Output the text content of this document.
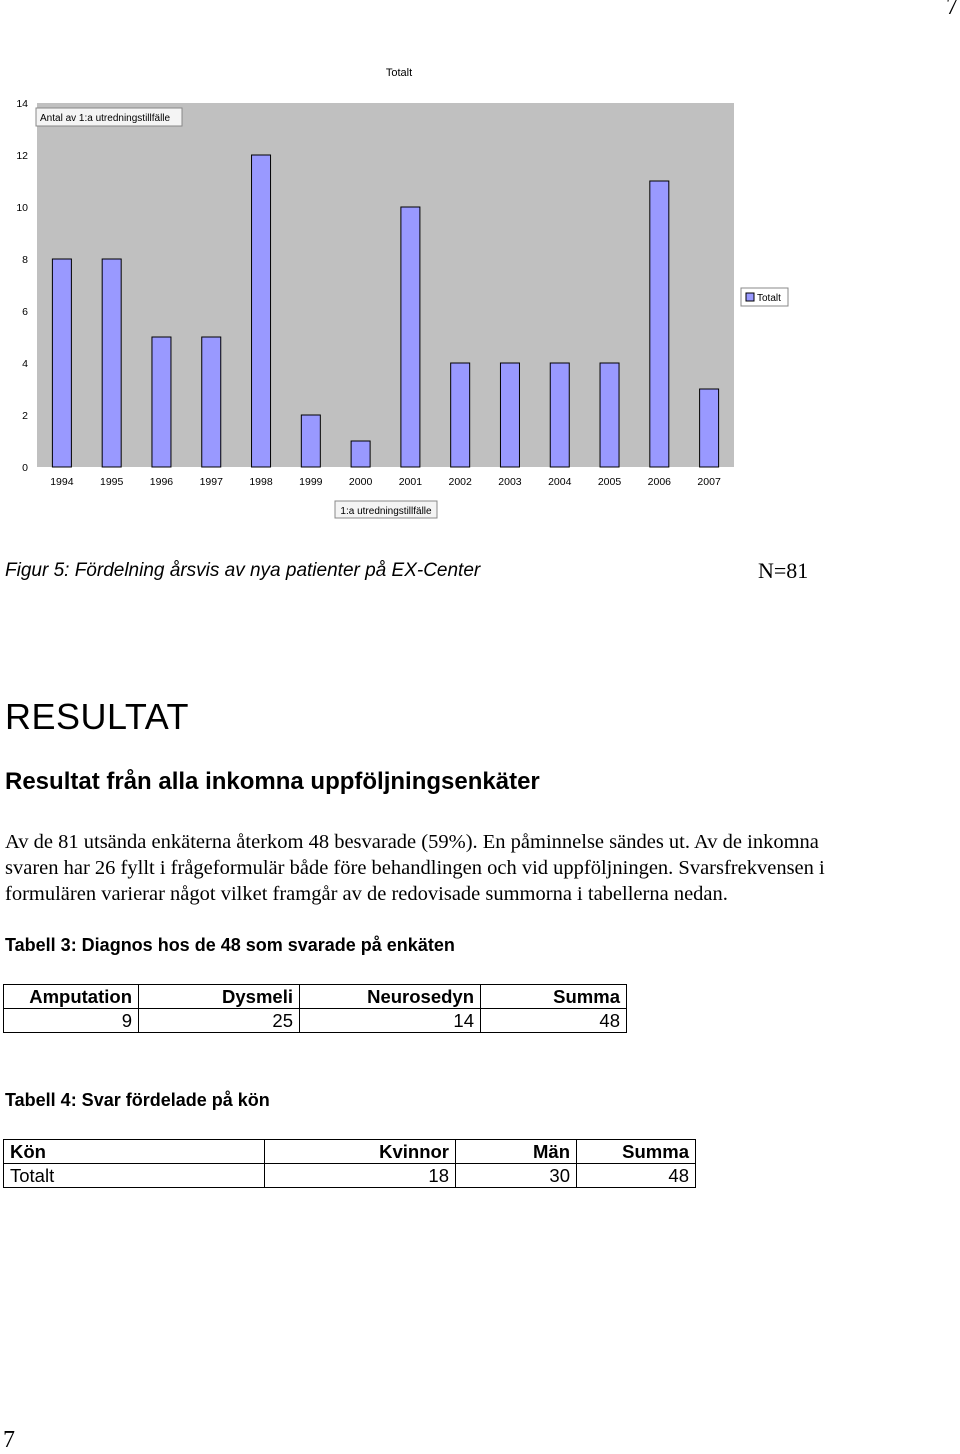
7
Totalt
Antal av 1:a utredningstillfälle
0
2
4
6
8
10
12
14
1994	1995	1996	1997	1998	1999	2000	2001	2002	2003	2004	2005	2006	2007
1:a utredningstillfälle
Totalt
Figur 5: Fördelning årsvis av nya patienter på EX-Center	N=81
RESULTAT
Resultat från alla inkomna uppföljningsenkäter
Av de 81 utsända enkäterna återkom 48 besvarade (59%). En påminnelse sändes ut. Av de inkomna
svaren har 26 fyllt i frågeformulär både före behandlingen och vid uppföljningen. Svarsfrekvensen i
formulären varierar något vilket framgår av de redovisade summorna i tabellerna nedan.
Tabell 3: Diagnos hos de 48 som svarade på enkäten
Amputation	Dysmeli	Neurosedyn	Summa
9	25	14	48
Tabell 4: Svar fördelade på kön
Kön	Kvinnor	Män	Summa
Totalt	18	30	48
7
